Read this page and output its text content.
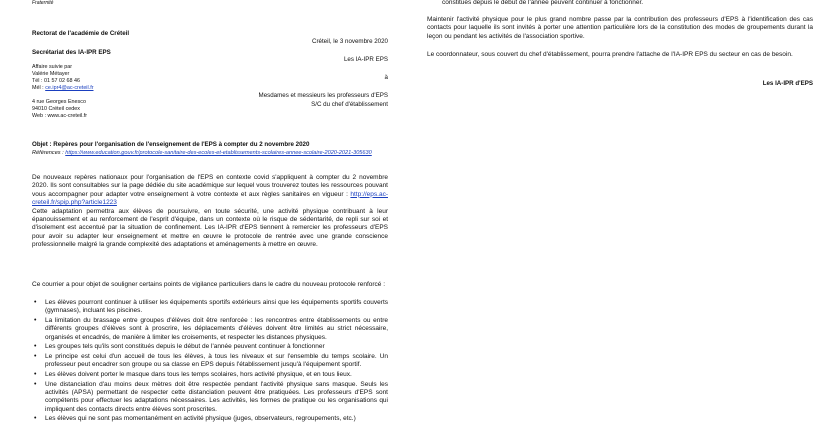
Fraternité
Rectorat de l'académie de Créteil
Secrétariat des IA-IPR EPS
Affaire suivie par
Valérie Métayer
Tél : 01 57 02 68 46
Mél : ce.ipr4@ac-creteil.fr
4 rue Georges Enesco
94010 Créteil cedex
Web : www.ac-creteil.fr
Créteil, le 3 novembre 2020
Les IA-IPR EPS
à
Mesdames et messieurs les professeurs d'EPS
S/C du chef d'établissement
Objet : Repères pour l'organisation de l'enseignement de l'EPS à compter du 2 novembre 2020
Références : https://www.education.gouv.fr/protocole-sanitaire-des-ecoles-et-etablissements-scolaires-annee-scolaire-2020-2021-305630
De nouveaux repères nationaux pour l'organisation de l'EPS en contexte covid s'appliquent à compter du 2 novembre 2020. Ils sont consultables sur la page dédiée du site académique sur lequel vous trouverez toutes les ressources pouvant vous accompagner pour adapter votre enseignement à votre contexte et aux règles sanitaires en vigueur : http://eps.ac-creteil.fr/spip.php?article1223
Cette adaptation permettra aux élèves de poursuivre, en toute sécurité, une activité physique contribuant à leur épanouissement et au renforcement de l'esprit d'équipe, dans un contexte où le risque de sédentarité, de repli sur soi et d'isolement est accentué par la situation de confinement. Les IA-IPR d'EPS tiennent à remercier les professeurs d'EPS pour avoir su adapter leur enseignement et mettre en œuvre le protocole de rentrée avec une grande conscience professionnelle malgré la grande complexité des adaptations et aménagements à mettre en œuvre.
Ce courrier a pour objet de souligner certains points de vigilance particuliers dans le cadre du nouveau protocole renforcé :
• Les élèves pourront continuer à utiliser les équipements sportifs extérieurs ainsi que les équipements sportifs couverts (gymnases), incluant les piscines.
• La limitation du brassage entre groupes d'élèves doit être renforcée : les rencontres entre établissements ou entre différents groupes d'élèves sont à proscrire, les déplacements d'élèves doivent être limités au strict nécessaire, organisés et encadrés, de manière à limiter les croisements, et respecter les distances physiques.
• Les groupes tels qu'ils sont constitués depuis le début de l'année peuvent continuer à fonctionner
• Le principe est celui d'un accueil de tous les élèves, à tous les niveaux et sur l'ensemble du temps scolaire. Un professeur peut encadrer son groupe ou sa classe en EPS depuis l'établissement jusqu'à l'équipement sportif.
• Les élèves doivent porter le masque dans tous les temps scolaires, hors activité physique, et en tous lieux.
• Une distanciation d'au moins deux mètres doit être respectée pendant l'activité physique sans masque. Seuls les activités (APSA) permettant de respecter cette distanciation peuvent être pratiquées. Les professeurs d'EPS sont compétents pour effectuer les adaptations nécessaires. Les activités, les formes de pratique ou les organisations qui impliquent des contacts directs entre élèves sont proscrites.
• Les élèves qui ne sont pas momentanément en activité physique (juges, observateurs, regroupements, etc.)
constitués depuis le début de l'année peuvent continuer à fonctionner.
Maintenir l'activité physique pour le plus grand nombre passe par la contribution des professeurs d'EPS à l'identification des cas contacts pour laquelle ils sont invités à porter une attention particulière lors de la constitution des modes de groupements durant la leçon ou pendant les activités de l'association sportive.
Le coordonnateur, sous couvert du chef d'établissement, pourra prendre l'attache de l'IA-IPR EPS du secteur en cas de besoin.
Les IA-IPR d'EPS
